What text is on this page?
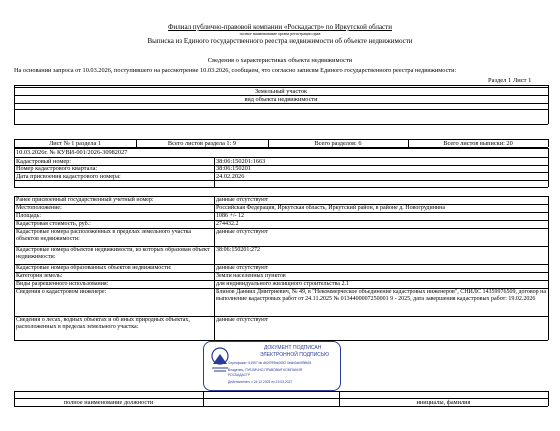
Филиал публично-правовой компании «Роскадастр» по Иркутской области
полное наименование органа регистрации прав
Выписка из Единого государственного реестра недвижимости об объекте недвижимости
Сведения о характеристиках объекта недвижимости
На основании запроса от 10.03.2026, поступившего на рассмотрение 10.03.2026, сообщаем, что согласно записям Единого государственного реестра недвижимости:
Раздел 1 Лист 1
Земельный участок
вид объекта недвижимости
Лист № 1 раздела 1	Всего листов раздела 1: 9	Всего разделов: 6	Всего листов выписки: 20
10.03.2026г. № КУВИ-001/2026-30982027
Кадастровый номер:	38:06:150201:1663
Номер кадастрового квартала:	38:06:150201
Дата присвоения кадастрового номера:	24.02.2026
Ранее присвоенный государственный учетный номер:	данные отсутствуют
Местоположение:	Российская Федерация, Иркутская область, Иркутский район, в районе д. Новогрудинина
Площадь:	1086 +/- 12
Кадастровая стоимость, руб.:	274432.2
Кадастровые номера расположенных в пределах земельного участка объектов недвижимости:
данные отсутствуют
Кадастровые номера объектов недвижимости, из которых образован объект недвижимости:
38:06:150201:272
Кадастровые номера образованных объектов недвижимости:	данные отсутствуют
Категория земель:	Земли населенных пунктов
Виды разрешенного использования:	для индивидуального жилищного строительства 2.1
Сведения о кадастровом инженере:	Блинов Даниил Дмитриевич, № 49, в "Некоммерческое объединение кадастровых инженеров", СНИЛС 14359976509, договор на выполнение кадастровых работ от 24.11.2025 № 0134400007250001 9 - 2025, дата завершения кадастровых работ: 19.02.2026
Сведения о лесах, водных объектах и об иных природных объектах, расположенных в пределах земельного участка:
данные отсутствуют
полное наименование должности	инициалы, фамилия
ДОКУМЕНТ ПОДПИСАН
ЭЛЕКТРОННОЙ ПОДПИСЬЮ
Сертификат: 61997 bb d62f799bb0f2f2 0ebb0ab0f3ffb61
Владелец: ПУБЛИЧНО-ПРАВОВАЯ КОМПАНИЯ
РОСКАДАСТР
Действителен: с 24.12.2025 по 19.03.2027
